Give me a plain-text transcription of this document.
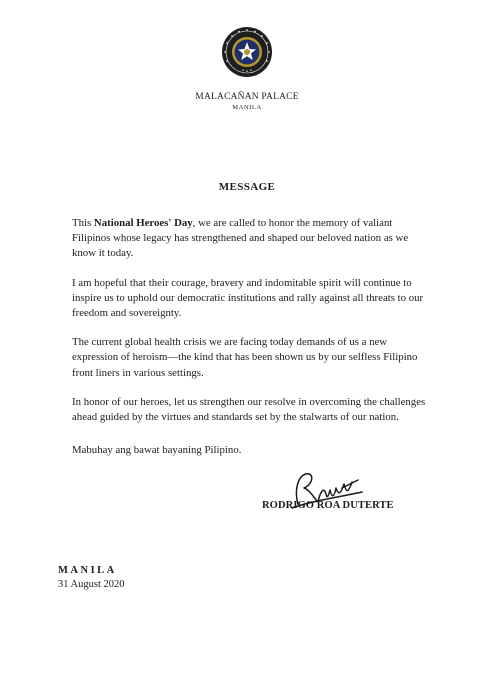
MALACAÑAN PALACE
MANILA
MESSAGE

This National Heroes' Day, we are called to honor the memory of valiant Filipinos whose legacy has strengthened and shaped our beloved nation as we know it today.

I am hopeful that their courage, bravery and indomitable spirit will continue to inspire us to uphold our democratic institutions and rally against all threats to our freedom and sovereignty.

The current global health crisis we are facing today demands of us a new expression of heroism—the kind that has been shown us by our selfless Filipino front liners in various settings.

In honor of our heroes, let us strengthen our resolve in overcoming the challenges ahead guided by the virtues and standards set by the stalwarts of our nation.

Mabuhay ang bawat bayaning Pilipino.

RODRIGO ROA DUTERTE
MANILA
31 August 2020
